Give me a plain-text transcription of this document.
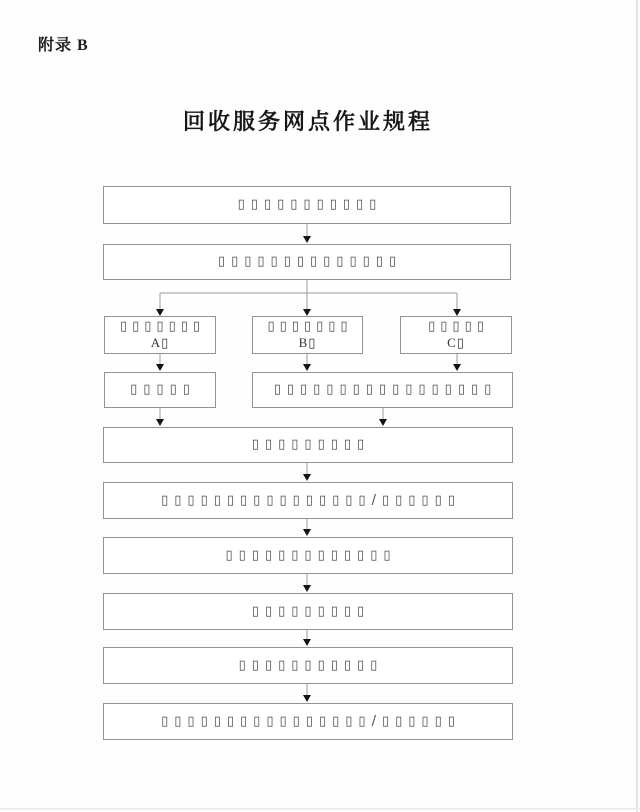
附录 B
回收服务网点作业规程
▯▯▯▯▯▯▯▯▯▯▯
▯▯▯▯▯▯▯▯▯▯▯▯▯▯
▯▯▯▯▯▯▯
A▯
▯▯▯▯▯▯▯
B▯
▯▯▯▯▯
C▯
▯▯▯▯▯	▯▯▯▯▯▯▯▯▯▯▯▯▯▯▯▯▯
▯▯▯▯▯▯▯▯▯
▯▯▯▯▯▯▯▯▯▯▯▯▯▯▯▯/▯▯▯▯▯▯
▯▯▯▯▯▯▯▯▯▯▯▯▯
▯▯▯▯▯▯▯▯▯
▯▯▯▯▯▯▯▯▯▯▯
▯▯▯▯▯▯▯▯▯▯▯▯▯▯▯▯/▯▯▯▯▯▯
